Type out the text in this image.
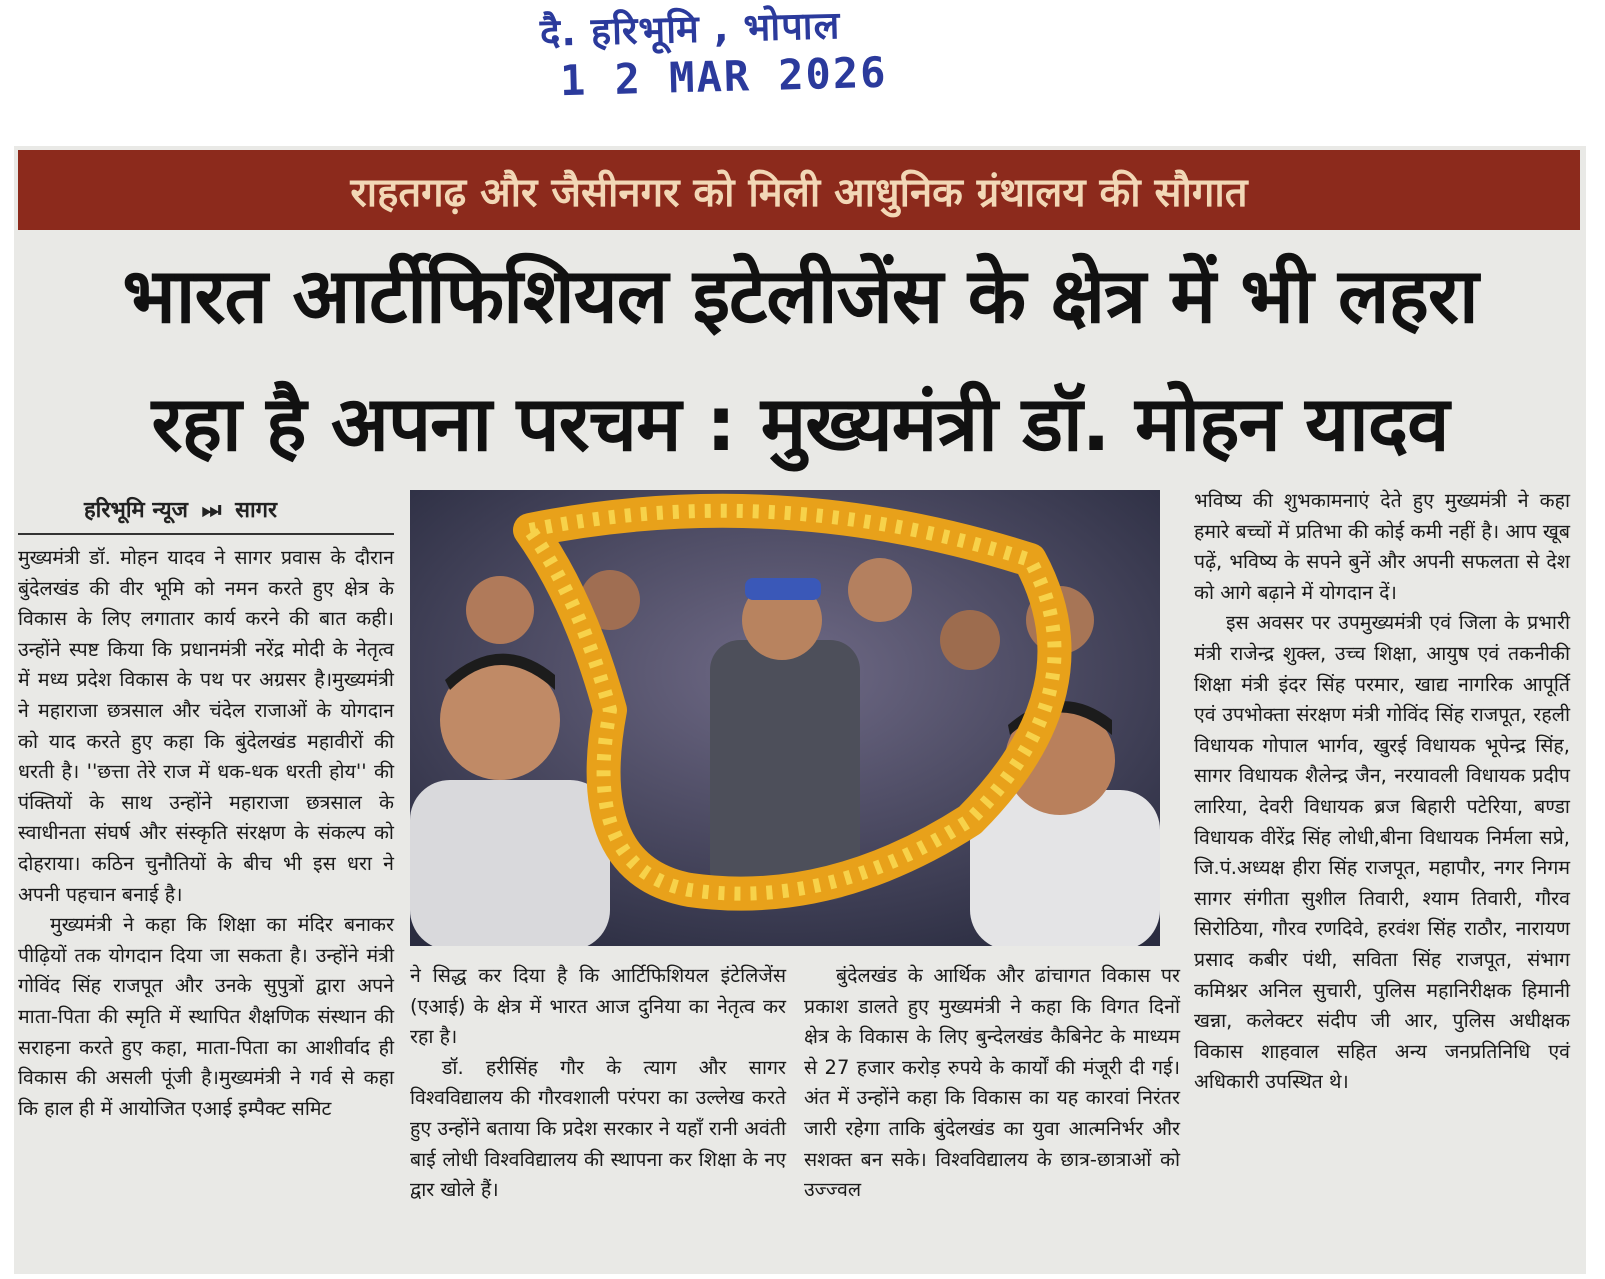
दै. हरिभूमि , भोपाल
1 2 MAR 2026
राहतगढ़ और जैसीनगर को मिली आधुनिक ग्रंथालय की सौगात
भारत आर्टीफिशियल इटेलीजेंस के क्षेत्र में भी लहरा
रहा है अपना परचम : मुख्यमंत्री डॉ. मोहन यादव
हरिभूमि न्यूज ⏭ सागर

मुख्यमंत्री डॉ. मोहन यादव ने सागर प्रवास के दौरान बुंदेलखंड की वीर भूमि को नमन करते हुए क्षेत्र के विकास के लिए लगातार कार्य करने की बात कही। उन्होंने स्पष्ट किया कि प्रधानमंत्री नरेंद्र मोदी के नेतृत्व में मध्य प्रदेश विकास के पथ पर अग्रसर है।मुख्यमंत्री ने महाराजा छत्रसाल और चंदेल राजाओं के योगदान को याद करते हुए कहा कि बुंदेलखंड महावीरों की धरती है। ''छत्ता तेरे राज में धक-धक धरती होय'' की पंक्तियों के साथ उन्होंने महाराजा छत्रसाल के स्वाधीनता संघर्ष और संस्कृति संरक्षण के संकल्प को दोहराया। कठिन चुनौतियों के बीच भी इस धरा ने अपनी पहचान बनाई है।

मुख्यमंत्री ने कहा कि शिक्षा का मंदिर बनाकर पीढ़ियों तक योगदान दिया जा सकता है। उन्होंने मंत्री गोविंद सिंह राजपूत और उनके सुपुत्रों द्वारा अपने माता-पिता की स्मृति में स्थापित शैक्षणिक संस्थान की सराहना करते हुए कहा, माता-पिता का आशीर्वाद ही विकास की असली पूंजी है।मुख्यमंत्री ने गर्व से कहा कि हाल ही में आयोजित एआई इम्पैक्ट समिट

ने सिद्ध कर दिया है कि आर्टिफिशियल इंटेलिजेंस (एआई) के क्षेत्र में भारत आज दुनिया का नेतृत्व कर रहा है।

डॉ. हरीसिंह गौर के त्याग और सागर विश्वविद्यालय की गौरवशाली परंपरा का उल्लेख करते हुए उन्होंने बताया कि प्रदेश सरकार ने यहाँ रानी अवंती बाई लोधी विश्वविद्यालय की स्थापना कर शिक्षा के नए द्वार खोले हैं।

बुंदेलखंड के आर्थिक और ढांचागत विकास पर प्रकाश डालते हुए मुख्यमंत्री ने कहा कि विगत दिनों क्षेत्र के विकास के लिए बुन्देलखंड कैबिनेट के माध्यम से 27 हजार करोड़ रुपये के कार्यों की मंजूरी दी गई। अंत में उन्होंने कहा कि विकास का यह कारवां निरंतर जारी रहेगा ताकि बुंदेलखंड का युवा आत्मनिर्भर और सशक्त बन सके। विश्वविद्यालय के छात्र-छात्राओं को उज्ज्वल

भविष्य की शुभकामनाएं देते हुए मुख्यमंत्री ने कहा हमारे बच्चों में प्रतिभा की कोई कमी नहीं है। आप खूब पढ़ें, भविष्य के सपने बुनें और अपनी सफलता से देश को आगे बढ़ाने में योगदान दें।

इस अवसर पर उपमुख्यमंत्री एवं जिला के प्रभारी मंत्री राजेन्द्र शुक्ल, उच्च शिक्षा, आयुष एवं तकनीकी शिक्षा मंत्री इंदर सिंह परमार, खाद्य नागरिक आपूर्ति एवं उपभोक्ता संरक्षण मंत्री गोविंद सिंह राजपूत, रहली विधायक गोपाल भार्गव, खुरई विधायक भूपेन्द्र सिंह, सागर विधायक शैलेन्द्र जैन, नरयावली विधायक प्रदीप लारिया, देवरी विधायक ब्रज बिहारी पटेरिया, बण्डा विधायक वीरेंद्र सिंह लोधी,बीना विधायक निर्मला सप्रे, जि.पं.अध्यक्ष हीरा सिंह राजपूत, महापौर, नगर निगम सागर संगीता सुशील तिवारी, श्याम तिवारी, गौरव सिरोठिया, गौरव रणदिवे, हरवंश सिंह राठौर, नारायण प्रसाद कबीर पंथी, सविता सिंह राजपूत, संभाग कमिश्नर अनिल सुचारी, पुलिस महानिरीक्षक हिमानी खन्ना, कलेक्टर संदीप जी आर, पुलिस अधीक्षक विकास शाहवाल सहित अन्य जनप्रतिनिधि एवं अधिकारी उपस्थित थे।
